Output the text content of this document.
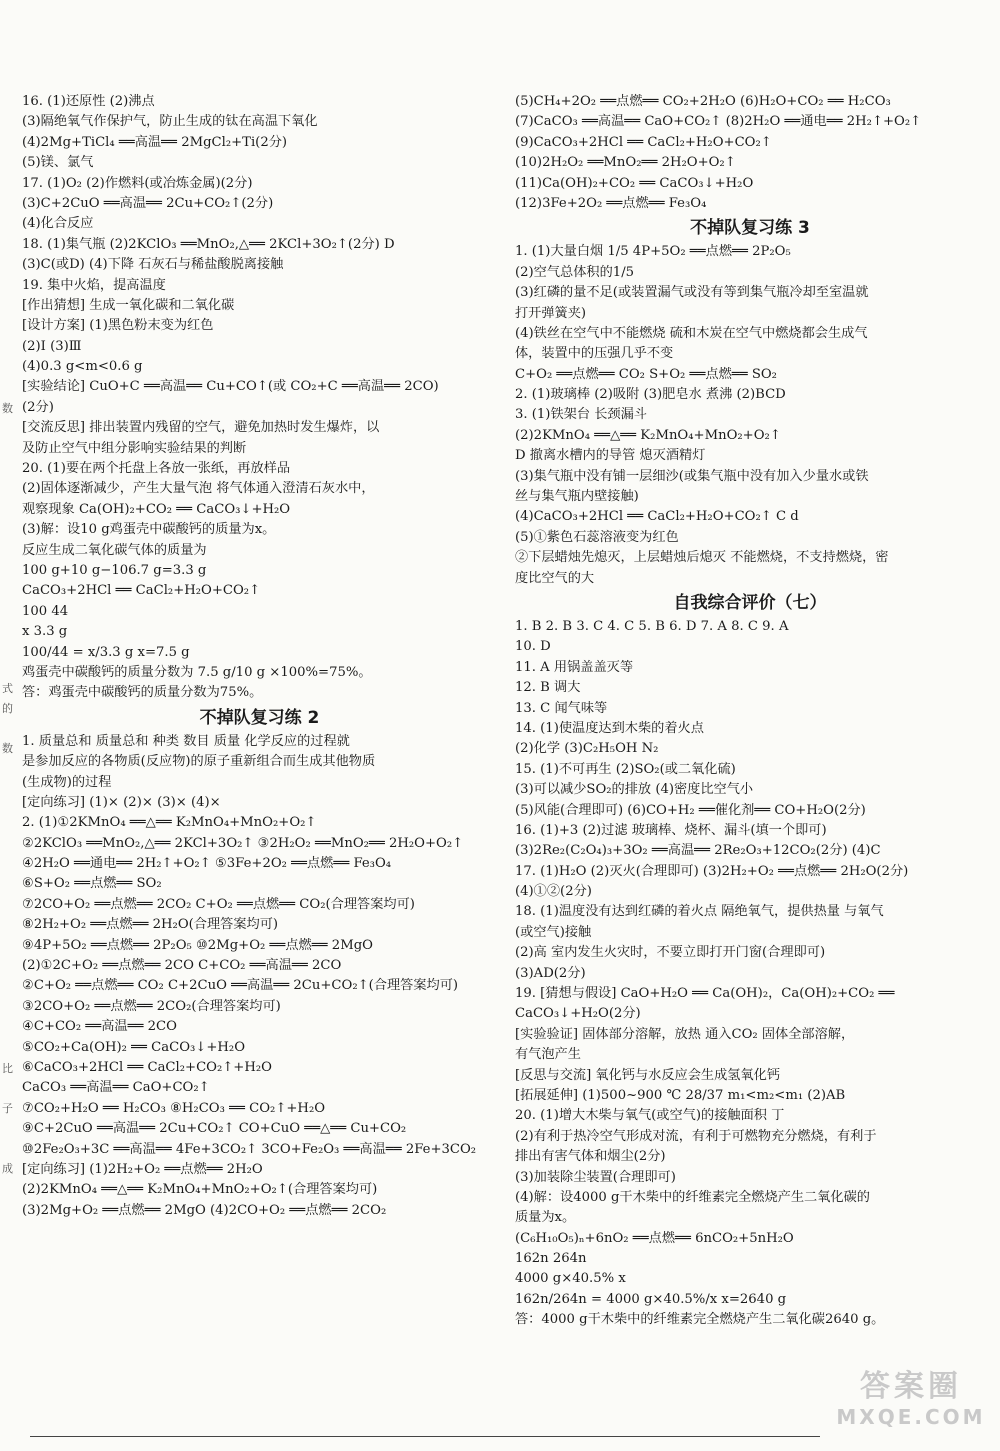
16. (1)还原性 (2)沸点
(3)隔绝氧气作保护气，防止生成的钛在高温下氧化
(4)2Mg+TiCl₄ ══高温══ 2MgCl₂+Ti(2分)
(5)镁、氯气
17. (1)O₂ (2)作燃料(或冶炼金属)(2分)
(3)C+2CuO ══高温══ 2Cu+CO₂↑(2分)
(4)化合反应
18. (1)集气瓶 (2)2KClO₃ ══MnO₂,△══ 2KCl+3O₂↑(2分) D
(3)C(或D) (4)下降 石灰石与稀盐酸脱离接触
19. 集中火焰，提高温度
[作出猜想] 生成一氧化碳和二氧化碳
[设计方案] (1)黑色粉末变为红色
(2)Ⅰ (3)Ⅲ
(4)0.3 g<m<0.6 g
[实验结论] CuO+C ══高温══ Cu+CO↑(或 CO₂+C ══高温══ 2CO)
(2分)
[交流反思] 排出装置内残留的空气，避免加热时发生爆炸，以
及防止空气中组分影响实验结果的判断
20. (1)要在两个托盘上各放一张纸，再放样品
(2)固体逐渐减少，产生大量气泡 将气体通入澄清石灰水中，
观察现象 Ca(OH)₂+CO₂ ══ CaCO₃↓+H₂O
(3)解：设10 g鸡蛋壳中碳酸钙的质量为x。
反应生成二氧化碳气体的质量为
100 g+10 g−106.7 g=3.3 g
CaCO₃+2HCl ══ CaCl₂+H₂O+CO₂↑
100 44
x 3.3 g
100/44 = x/3.3 g x=7.5 g
鸡蛋壳中碳酸钙的质量分数为 7.5 g/10 g ×100%=75%。
答：鸡蛋壳中碳酸钙的质量分数为75%。
不掉队复习练 2
1. 质量总和 质量总和 种类 数目 质量 化学反应的过程就
是参加反应的各物质(反应物)的原子重新组合而生成其他物质
(生成物)的过程
[定向练习] (1)× (2)× (3)× (4)×
2. (1)①2KMnO₄ ══△══ K₂MnO₄+MnO₂+O₂↑
②2KClO₃ ══MnO₂,△══ 2KCl+3O₂↑ ③2H₂O₂ ══MnO₂══ 2H₂O+O₂↑
④2H₂O ══通电══ 2H₂↑+O₂↑ ⑤3Fe+2O₂ ══点燃══ Fe₃O₄
⑥S+O₂ ══点燃══ SO₂
⑦2CO+O₂ ══点燃══ 2CO₂ C+O₂ ══点燃══ CO₂(合理答案均可)
⑧2H₂+O₂ ══点燃══ 2H₂O(合理答案均可)
⑨4P+5O₂ ══点燃══ 2P₂O₅ ⑩2Mg+O₂ ══点燃══ 2MgO
(2)①2C+O₂ ══点燃══ 2CO C+CO₂ ══高温══ 2CO
②C+O₂ ══点燃══ CO₂ C+2CuO ══高温══ 2Cu+CO₂↑(合理答案均可)
③2CO+O₂ ══点燃══ 2CO₂(合理答案均可)
④C+CO₂ ══高温══ 2CO
⑤CO₂+Ca(OH)₂ ══ CaCO₃↓+H₂O
⑥CaCO₃+2HCl ══ CaCl₂+CO₂↑+H₂O
CaCO₃ ══高温══ CaO+CO₂↑
⑦CO₂+H₂O ══ H₂CO₃ ⑧H₂CO₃ ══ CO₂↑+H₂O
⑨C+2CuO ══高温══ 2Cu+CO₂↑ CO+CuO ══△══ Cu+CO₂
⑩2Fe₂O₃+3C ══高温══ 4Fe+3CO₂↑ 3CO+Fe₂O₃ ══高温══ 2Fe+3CO₂
[定向练习] (1)2H₂+O₂ ══点燃══ 2H₂O
(2)2KMnO₄ ══△══ K₂MnO₄+MnO₂+O₂↑(合理答案均可)
(3)2Mg+O₂ ══点燃══ 2MgO (4)2CO+O₂ ══点燃══ 2CO₂
(5)CH₄+2O₂ ══点燃══ CO₂+2H₂O (6)H₂O+CO₂ ══ H₂CO₃
(7)CaCO₃ ══高温══ CaO+CO₂↑ (8)2H₂O ══通电══ 2H₂↑+O₂↑
(9)CaCO₃+2HCl ══ CaCl₂+H₂O+CO₂↑
(10)2H₂O₂ ══MnO₂══ 2H₂O+O₂↑
(11)Ca(OH)₂+CO₂ ══ CaCO₃↓+H₂O
(12)3Fe+2O₂ ══点燃══ Fe₃O₄
不掉队复习练 3
1. (1)大量白烟 1/5 4P+5O₂ ══点燃══ 2P₂O₅
(2)空气总体积的1/5
(3)红磷的量不足(或装置漏气或没有等到集气瓶冷却至室温就
打开弹簧夹)
(4)铁丝在空气中不能燃烧 硫和木炭在空气中燃烧都会生成气
体，装置中的压强几乎不变
C+O₂ ══点燃══ CO₂ S+O₂ ══点燃══ SO₂
2. (1)玻璃棒 (2)吸附 (3)肥皂水 煮沸 (2)BCD
3. (1)铁架台 长颈漏斗
(2)2KMnO₄ ══△══ K₂MnO₄+MnO₂+O₂↑
D 撤离水槽内的导管 熄灭酒精灯
(3)集气瓶中没有铺一层细沙(或集气瓶中没有加入少量水或铁
丝与集气瓶内壁接触)
(4)CaCO₃+2HCl ══ CaCl₂+H₂O+CO₂↑ C d
(5)①紫色石蕊溶液变为红色
②下层蜡烛先熄灭，上层蜡烛后熄灭 不能燃烧，不支持燃烧，密
度比空气的大
自我综合评价（七）
1. B 2. B 3. C 4. C 5. B 6. D 7. A 8. C 9. A
10. D
11. A 用锅盖盖灭等
12. B 调大
13. C 闻气味等
14. (1)使温度达到木柴的着火点
(2)化学 (3)C₂H₅OH N₂
15. (1)不可再生 (2)SO₂(或二氧化硫)
(3)可以减少SO₂的排放 (4)密度比空气小
(5)风能(合理即可) (6)CO+H₂ ══催化剂══ CO+H₂O(2分)
16. (1)+3 (2)过滤 玻璃棒、烧杯、漏斗(填一个即可)
(3)2Re₂(C₂O₄)₃+3O₂ ══高温══ 2Re₂O₃+12CO₂(2分) (4)C
17. (1)H₂O (2)灭火(合理即可) (3)2H₂+O₂ ══点燃══ 2H₂O(2分)
(4)①②(2分)
18. (1)温度没有达到红磷的着火点 隔绝氧气，提供热量 与氧气
(或空气)接触
(2)高 室内发生火灾时，不要立即打开门窗(合理即可)
(3)AD(2分)
19. [猜想与假设] CaO+H₂O ══ Ca(OH)₂，Ca(OH)₂+CO₂ ══
CaCO₃↓+H₂O(2分)
[实验验证] 固体部分溶解，放热 通入CO₂ 固体全部溶解，
有气泡产生
[反思与交流] 氧化钙与水反应会生成氢氧化钙
[拓展延伸] (1)500~900 ℃ 28/37 m₁<m₂<m₁ (2)AB
20. (1)增大木柴与氧气(或空气)的接触面积 丁
(2)有利于热冷空气形成对流，有利于可燃物充分燃烧，有利于
排出有害气体和烟尘(2分)
(3)加装除尘装置(合理即可)
(4)解：设4000 g干木柴中的纤维素完全燃烧产生二氧化碳的
质量为x。
(C₆H₁₀O₅)ₙ+6nO₂ ══点燃══ 6nCO₂+5nH₂O
162n 264n
4000 g×40.5% x
162n/264n = 4000 g×40.5%/x x=2640 g
答：4000 g干木柴中的纤维素完全燃烧产生二氧化碳2640 g。
数
式
的
数
比
子
成
答案圈
MXQE.COM
